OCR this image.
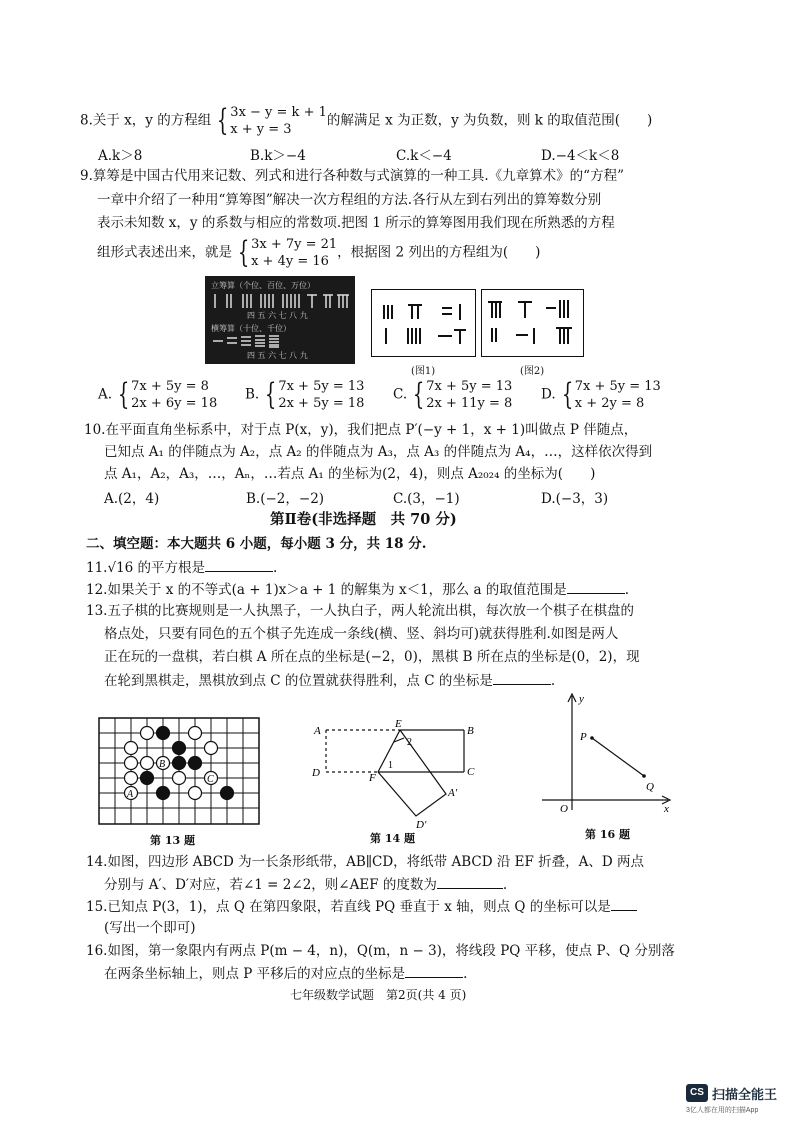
8.关于 x，y 的方程组 { 3x − y = k + 1
x + y = 3
的解满足 x 为正数，y 为负数，则 k 的取值范围(　　)
A.k＞8	B.k＞−4	C.k＜−4	D.−4＜k＜8
9.算筹是中国古代用来记数、列式和进行各种数与式演算的一种工具.《九章算术》的“方程”
一章中介绍了一种用“算筹图”解决一次方程组的方法.各行从左到右列出的算筹数分别
表示未知数 x，y 的系数与相应的常数项.把图 1 所示的算筹图用我们现在所熟悉的方程
组形式表述出来，就是 { 3x + 7y = 21
x + 4y = 16
，根据图 2 列出的方程组为(　　)
立筹算（个位、百位、万位）
四 五 六 七 八 九
横筹算（十位、千位）
四 五 六 七 八 九
(图1)	(图2)
A. { 7x + 5y = 8
2x + 6y = 18
B. { 7x + 5y = 13
2x + 5y = 18
C. { 7x + 5y = 13
2x + 11y = 8
D. { 7x + 5y = 13
x + 2y = 8
10.在平面直角坐标系中，对于点 P(x，y)，我们把点 P′(−y + 1，x + 1)叫做点 P 伴随点，
已知点 A₁ 的伴随点为 A₂，点 A₂ 的伴随点为 A₃，点 A₃ 的伴随点为 A₄，…，这样依次得到
点 A₁，A₂，A₃，…，Aₙ，…若点 A₁ 的坐标为(2，4)，则点 A₂₀₂₄ 的坐标为(　　)
A.(2，4)	B.(−2，−2)	C.(3，−1)	D.(−3，3)
第Ⅱ卷(非选择题　共 70 分)
二、填空题：本大题共 6 小题，每小题 3 分，共 18 分.
11.√16 的平方根是	.
12.如果关于 x 的不等式(a + 1)x＞a + 1 的解集为 x＜1，那么 a 的取值范围是	.
13.五子棋的比赛规则是一人执黑子，一人执白子，两人轮流出棋，每次放一个棋子在棋盘的
格点处，只要有同色的五个棋子先连成一条线(横、竖、斜均可)就获得胜利.如图是两人
正在玩的一盘棋，若白棋 A 所在点的坐标是(−2，0)，黑棋 B 所在点的坐标是(0，2)，现
在轮到黑棋走，黑棋放到点 C 的位置就获得胜利，点 C 的坐标是	.
A
B
C
第 13 题
A
E
B
D	F	C
A′
D′
1
2
第 14 题
y
x
O
P
Q
第 16 题
14.如图，四边形 ABCD 为一长条形纸带，AB∥CD，将纸带 ABCD 沿 EF 折叠，A、D 两点
分别与 A′、D′对应，若∠1 = 2∠2，则∠AEF 的度数为	.
15.已知点 P(3，1)，点 Q 在第四象限，若直线 PQ 垂直于 x 轴，则点 Q 的坐标可以是
(写出一个即可)
16.如图，第一象限内有两点 P(m − 4，n)，Q(m，n − 3)，将线段 PQ 平移，使点 P、Q 分别落
在两条坐标轴上，则点 P 平移后的对应点的坐标是	.
七年级数学试题　第2页(共 4 页)
CS 扫描全能王
3亿人都在用的扫描App
